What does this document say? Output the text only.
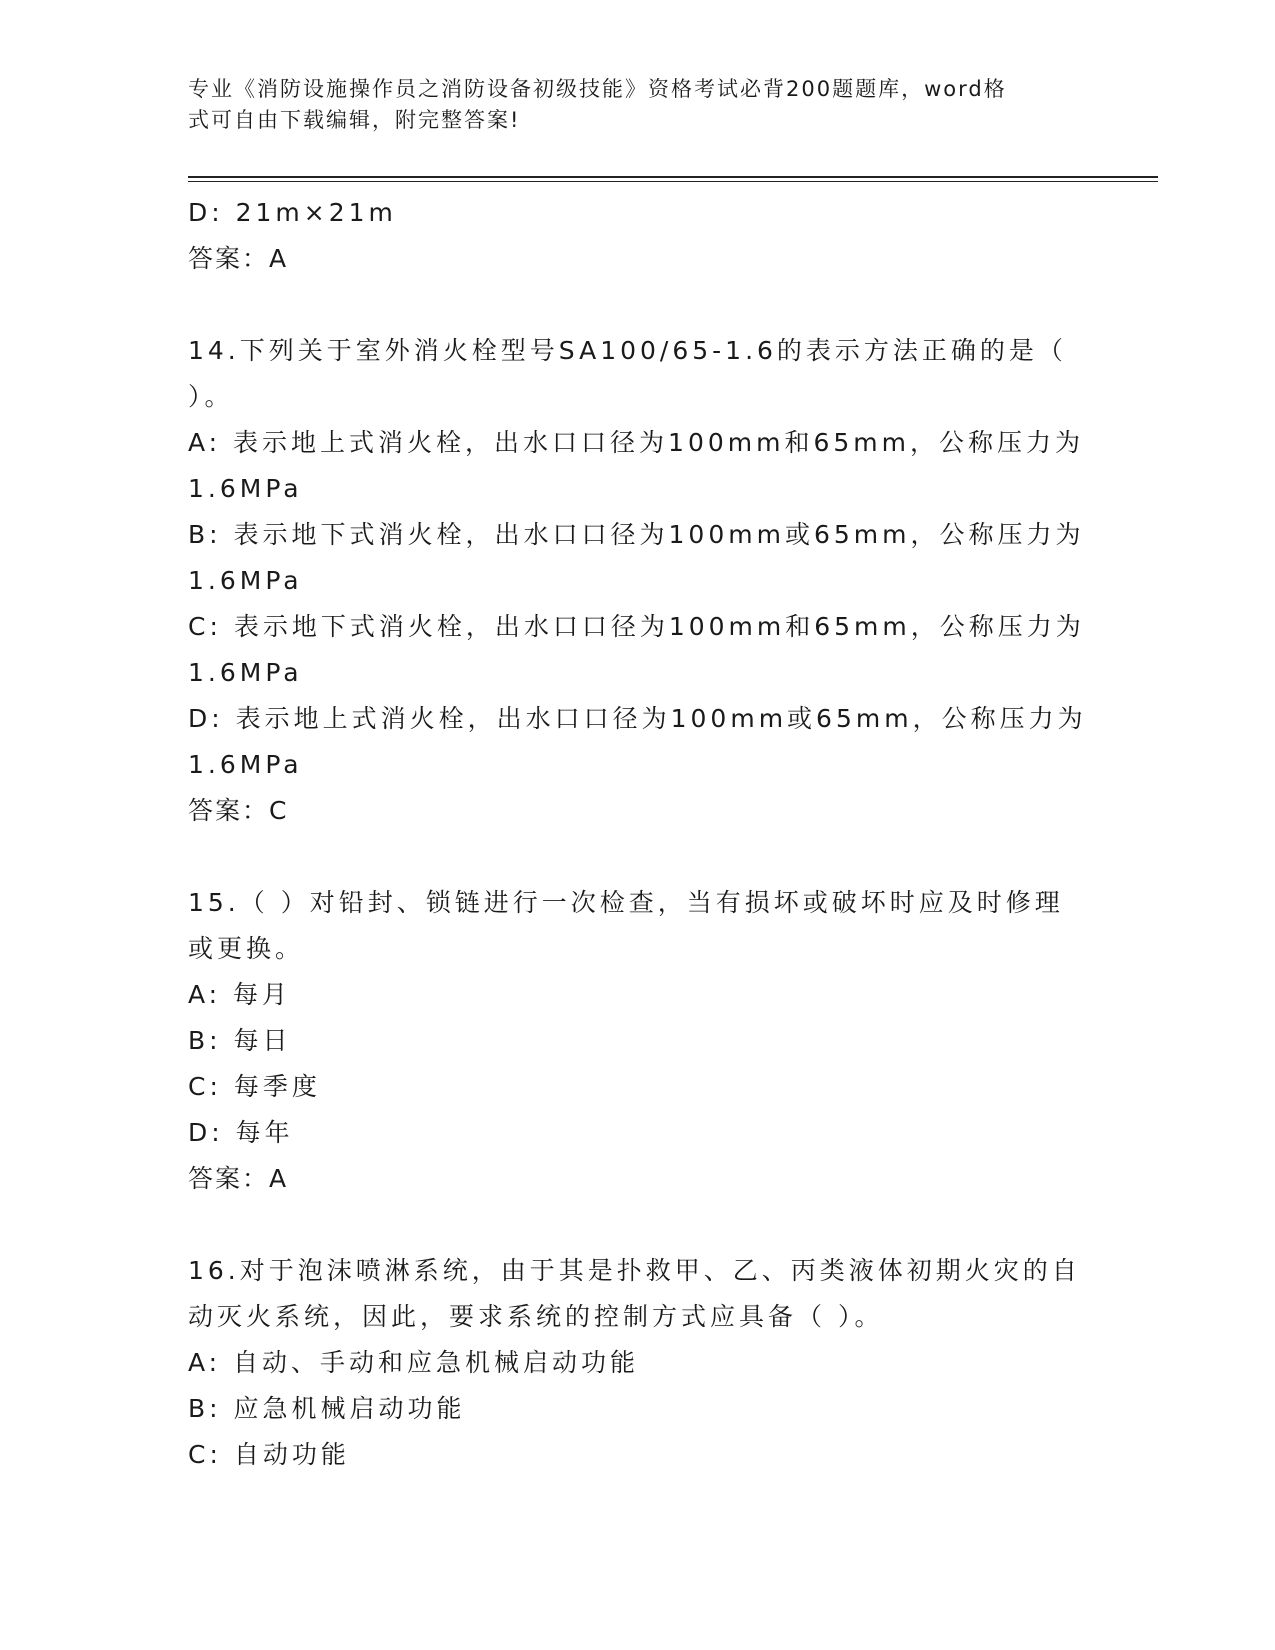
专业《消防设施操作员之消防设备初级技能》资格考试必背200题题库，word格
式可自由下载编辑，附完整答案!
D: 21m×21m
答案：A
14.下列关于室外消火栓型号SA100/65-1.6的表示方法正确的是（
）。
A: 表示地上式消火栓，出水口口径为100mm和65mm，公称压力为
1.6MPa
B: 表示地下式消火栓，出水口口径为100mm或65mm，公称压力为
1.6MPa
C: 表示地下式消火栓，出水口口径为100mm和65mm，公称压力为
1.6MPa
D: 表示地上式消火栓，出水口口径为100mm或65mm，公称压力为
1.6MPa
答案：C
15.（ ）对铅封、锁链进行一次检查，当有损坏或破坏时应及时修理
或更换。
A: 每月
B: 每日
C: 每季度
D: 每年
答案：A
16.对于泡沫喷淋系统，由于其是扑救甲、乙、丙类液体初期火灾的自
动灭火系统，因此，要求系统的控制方式应具备（ ）。
A: 自动、手动和应急机械启动功能
B: 应急机械启动功能
C: 自动功能
